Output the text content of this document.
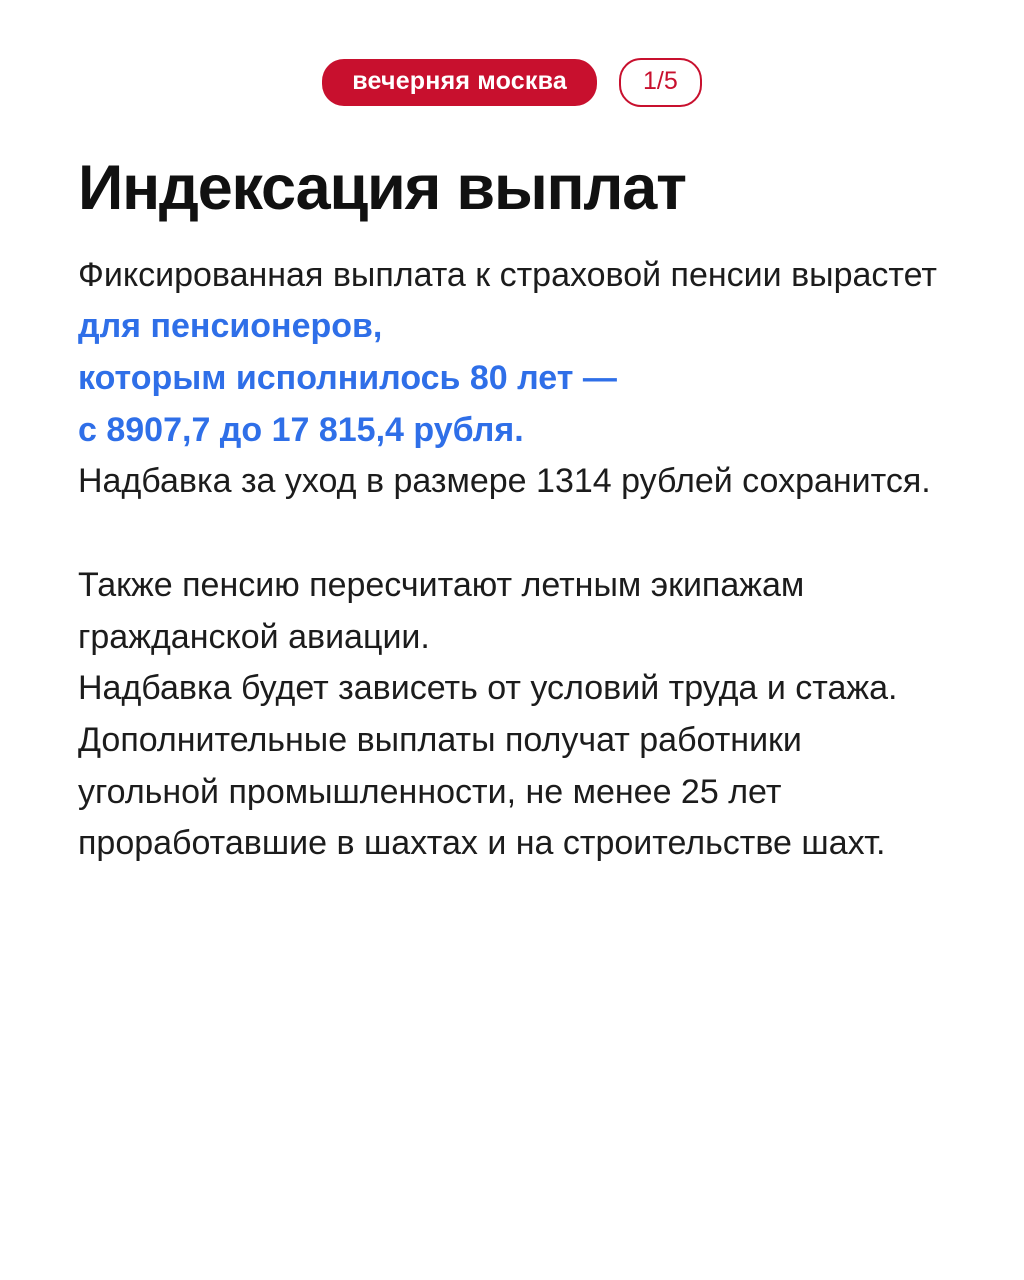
вечерняя москва	1/5
Индексация выплат

Фиксированная выплата к страховой пенсии вырастет для пенсионеров,
которым исполнилось 80 лет —
с 8907,7 до 17 815,4 рубля.
Надбавка за уход в размере 1314 рублей сохранится.

Также пенсию пересчитают летным экипажам гражданской авиации.

Надбавка будет зависеть от условий труда и стажа. Дополнительные выплаты получат работники угольной промышленности, не менее 25 лет проработавшие в шахтах и на строительстве шахт.
